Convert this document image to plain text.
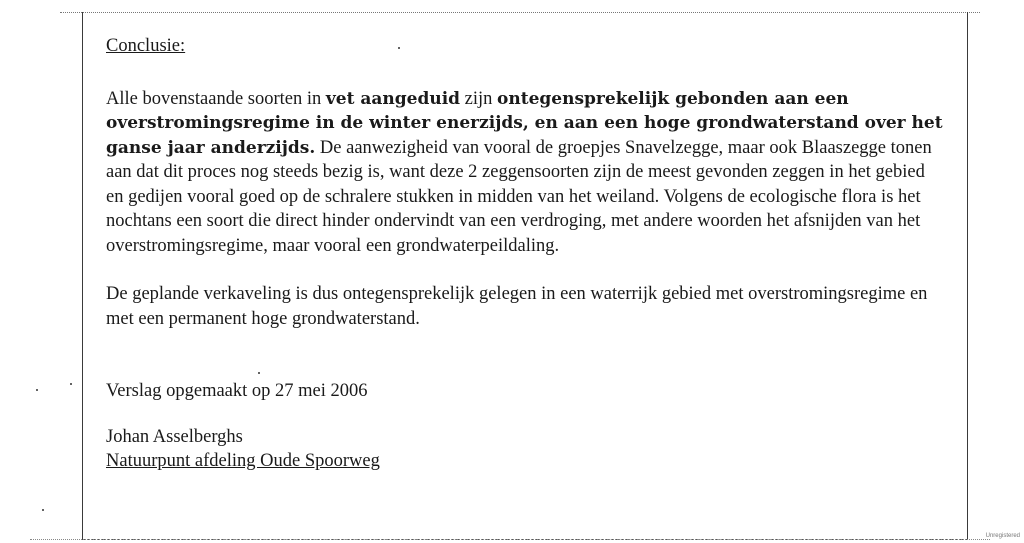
Conclusie:

Alle bovenstaande soorten in vet aangeduid zijn ontegensprekelijk gebonden aan een overstromingsregime in de winter enerzijds, en aan een hoge grondwaterstand over het ganse jaar anderzijds. De aanwezigheid van vooral de groepjes Snavelzegge, maar ook Blaaszegge tonen aan dat dit proces nog steeds bezig is, want deze 2 zeggensoorten zijn de meest gevonden zeggen in het gebied en gedijen vooral goed op de schralere stukken in midden van het weiland. Volgens de ecologische flora is het nochtans een soort die direct hinder ondervindt van een verdroging, met andere woorden het afsnijden van het overstromingsregime, maar vooral een grondwaterpeildaling.

De geplande verkaveling is dus ontegensprekelijk gelegen in een waterrijk gebied met overstromingsregime en met een permanent hoge grondwaterstand.

Verslag opgemaakt op 27 mei 2006

Johan Asselberghs

Natuurpunt afdeling Oude Spoorweg

Unregistered
